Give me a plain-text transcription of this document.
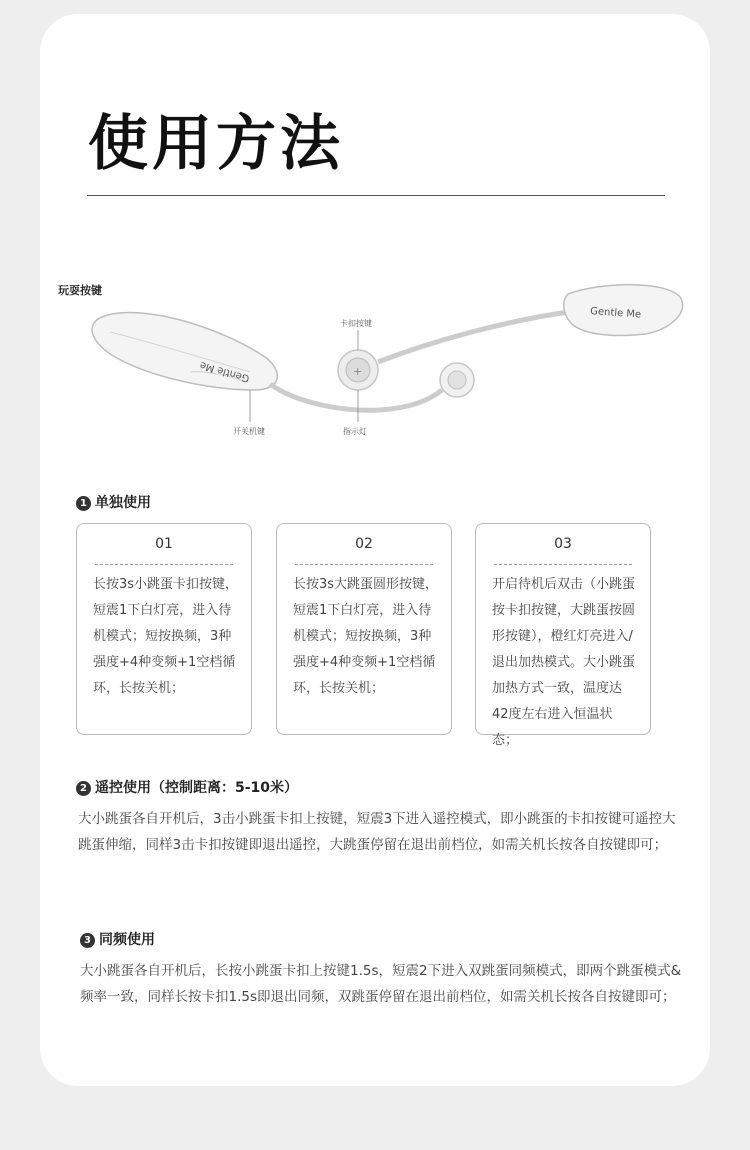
使用方法
玩耍按键
Gentle Me	+
Gentle Me
卡扣按键
开关机键	指示灯
1 单独使用
01
长按3s小跳蛋卡扣按键，短震1下白灯亮，进入待机模式；短按换频，3种强度+4种变频+1空档循环，长按关机；
02
长按3s大跳蛋圆形按键，短震1下白灯亮，进入待机模式；短按换频，3种强度+4种变频+1空档循环，长按关机；
03
开启待机后双击（小跳蛋按卡扣按键，大跳蛋按圆形按键），橙红灯亮进入/退出加热模式。大小跳蛋加热方式一致，温度达42度左右进入恒温状态；
2 遥控使用（控制距离：5-10米）
大小跳蛋各自开机后，3击小跳蛋卡扣上按键，短震3下进入遥控模式，即小跳蛋的卡扣按键可遥控大跳蛋伸缩，同样3击卡扣按键即退出遥控，大跳蛋停留在退出前档位，如需关机长按各自按键即可；
3 同频使用
大小跳蛋各自开机后，长按小跳蛋卡扣上按键1.5s，短震2下进入双跳蛋同频模式，即两个跳蛋模式&频率一致，同样长按卡扣1.5s即退出同频，双跳蛋停留在退出前档位，如需关机长按各自按键即可；
